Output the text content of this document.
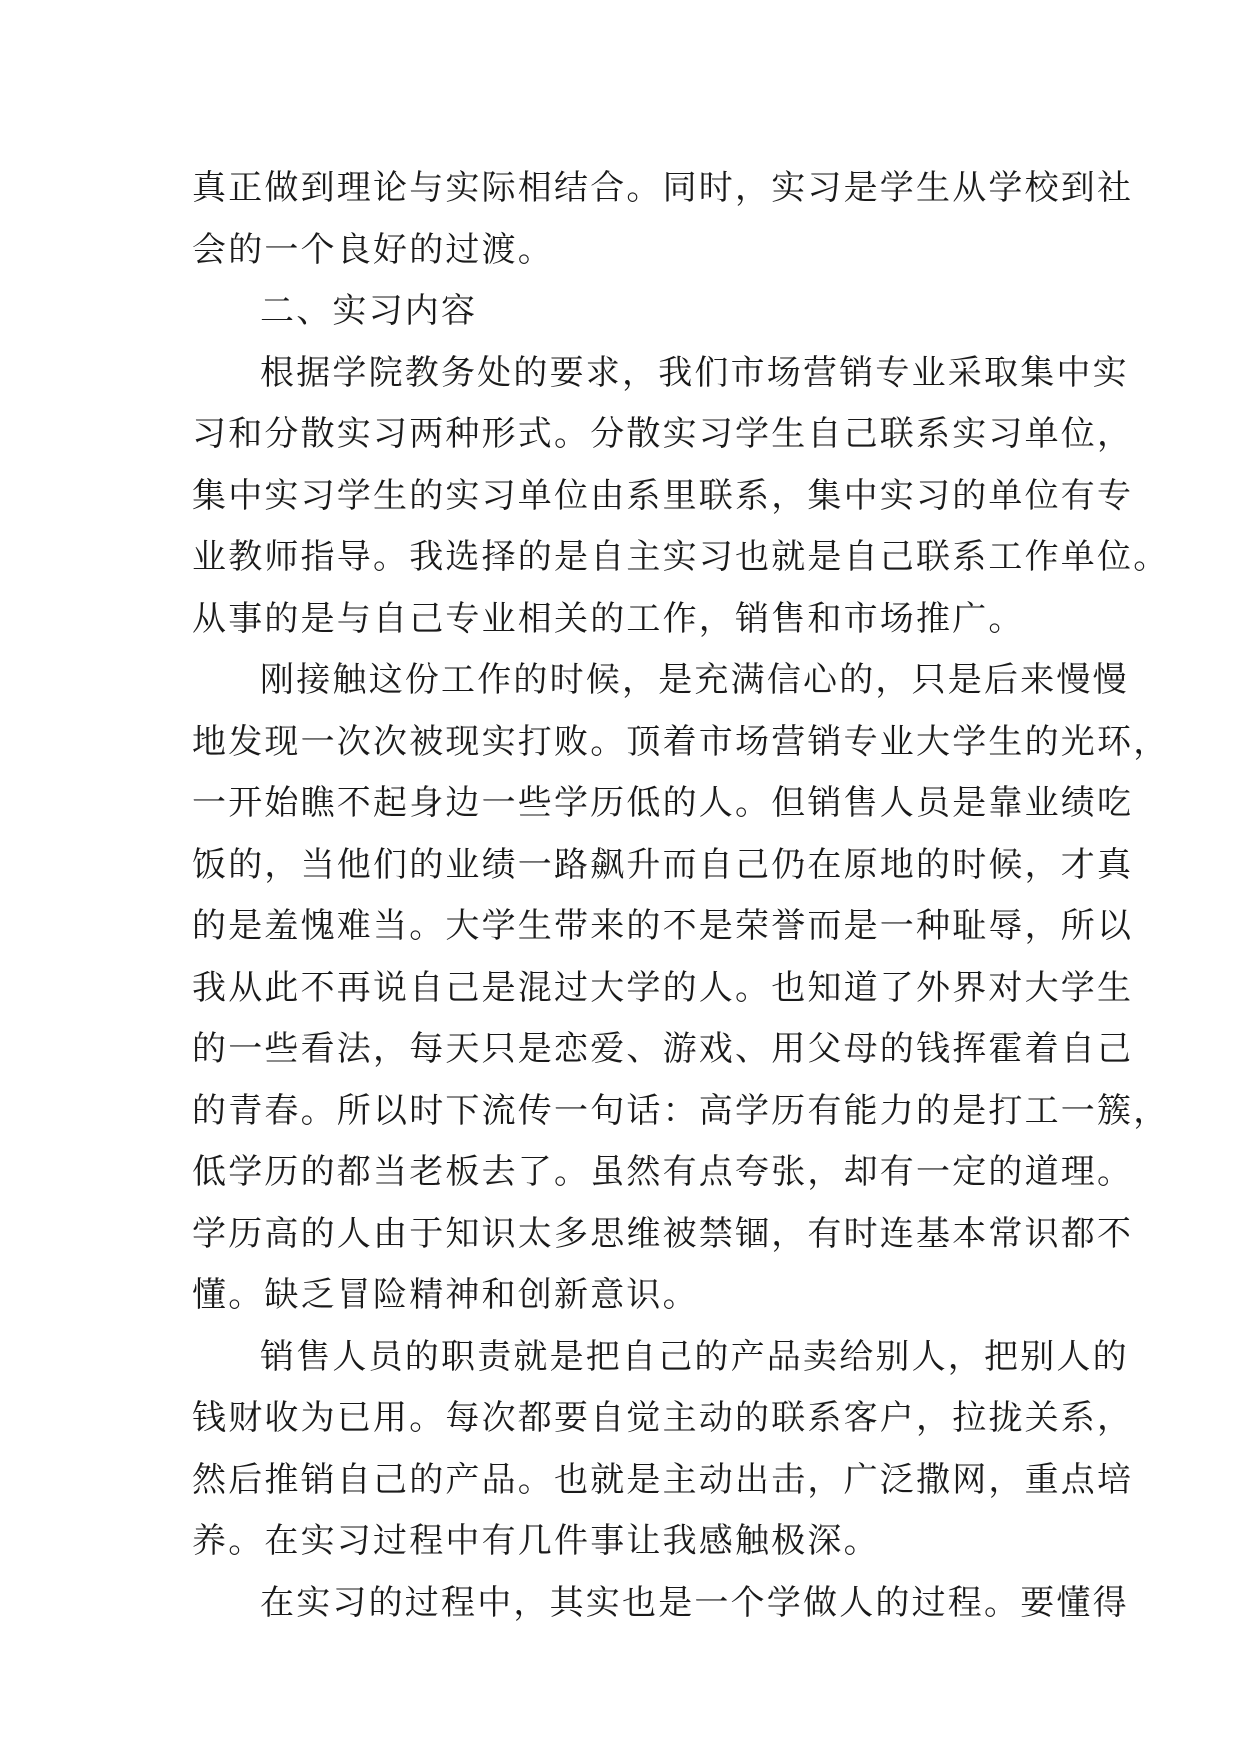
真正做到理论与实际相结合。同时，实习是学生从学校到社
会的一个良好的过渡。
二、实习内容
根据学院教务处的要求，我们市场营销专业采取集中实
习和分散实习两种形式。分散实习学生自己联系实习单位，
集中实习学生的实习单位由系里联系，集中实习的单位有专
业教师指导。我选择的是自主实习也就是自己联系工作单位。
从事的是与自己专业相关的工作，销售和市场推广。
刚接触这份工作的时候，是充满信心的，只是后来慢慢
地发现一次次被现实打败。顶着市场营销专业大学生的光环，
一开始瞧不起身边一些学历低的人。但销售人员是靠业绩吃
饭的，当他们的业绩一路飙升而自己仍在原地的时候，才真
的是羞愧难当。大学生带来的不是荣誉而是一种耻辱，所以
我从此不再说自己是混过大学的人。也知道了外界对大学生
的一些看法，每天只是恋爱、游戏、用父母的钱挥霍着自己
的青春。所以时下流传一句话：高学历有能力的是打工一簇，
低学历的都当老板去了。虽然有点夸张，却有一定的道理。
学历高的人由于知识太多思维被禁锢，有时连基本常识都不
懂。缺乏冒险精神和创新意识。
销售人员的职责就是把自己的产品卖给别人，把别人的
钱财收为已用。每次都要自觉主动的联系客户，拉拢关系，
然后推销自己的产品。也就是主动出击，广泛撒网，重点培
养。在实习过程中有几件事让我感触极深。
在实习的过程中，其实也是一个学做人的过程。要懂得
